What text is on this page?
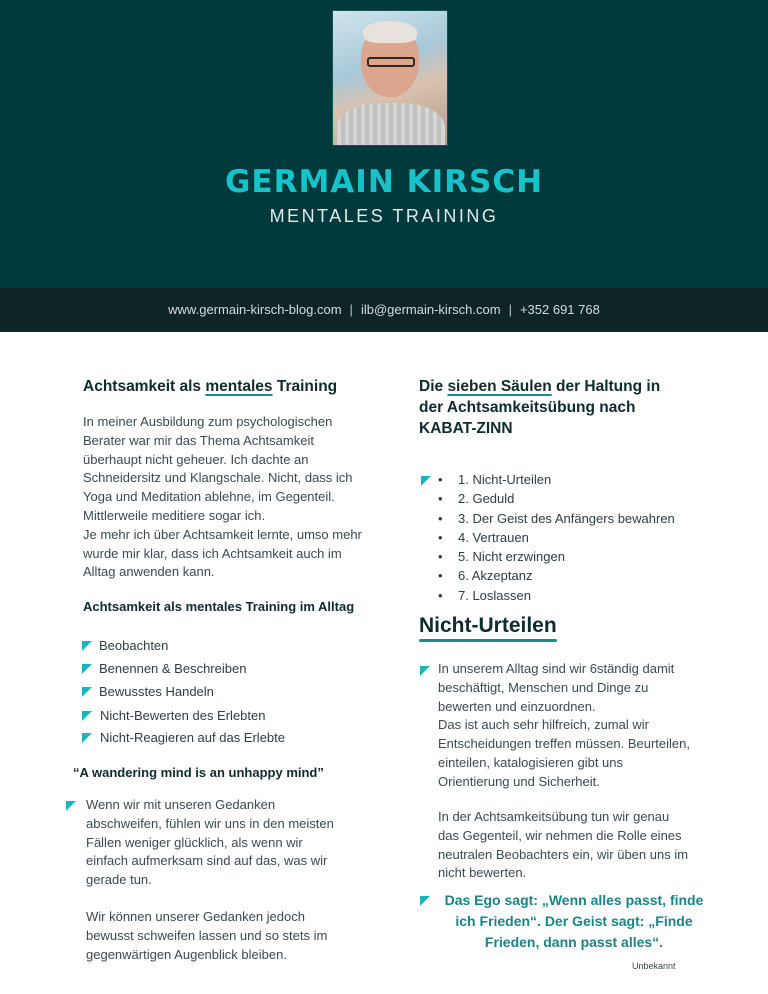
GERMAIN KIRSCH
MENTALES TRAINING
www.germain-kirsch-blog.com | ilb@germain-kirsch.com | +352 691 768
Achtsamkeit als mentales Training
In meiner Ausbildung zum psychologischen
Berater war mir das Thema Achtsamkeit
überhaupt nicht geheuer. Ich dachte an
Schneidersitz und Klangschale. Nicht, dass ich
Yoga und Meditation ablehne, im Gegenteil.
Mittlerweile meditiere sogar ich.
Je mehr ich über Achtsamkeit lernte, umso mehr
wurde mir klar, dass ich Achtsamkeit auch im
Alltag anwenden kann.
Achtsamkeit als mentales Training im Alltag
Beobachten
Benennen & Beschreiben
Bewusstes Handeln
Nicht-Bewerten des Erlebten
Nicht-Reagieren auf das Erlebte
“A wandering mind is an unhappy mind”
Wenn wir mit unseren Gedanken
abschweifen, fühlen wir uns in den meisten
Fällen weniger glücklich, als wenn wir
einfach aufmerksam sind auf das, was wir
gerade tun.
Wir können unserer Gedanken jedoch
bewusst schweifen lassen und so stets im
gegenwärtigen Augenblick bleiben.
Die sieben Säulen der Haltung in
der Achtsamkeitsübung nach
KABAT-ZINN
• 1. Nicht-Urteilen
• 2. Geduld
• 3. Der Geist des Anfängers bewahren
• 4. Vertrauen
• 5. Nicht erzwingen
• 6. Akzeptanz
• 7. Loslassen
Nicht-Urteilen
In unserem Alltag sind wir 6ständig damit
beschäftigt, Menschen und Dinge zu
bewerten und einzuordnen.
Das ist auch sehr hilfreich, zumal wir
Entscheidungen treffen müssen. Beurteilen,
einteilen, katalogisieren gibt uns
Orientierung und Sicherheit.
In der Achtsamkeitsübung tun wir genau
das Gegenteil, wir nehmen die Rolle eines
neutralen Beobachters ein, wir üben uns im
nicht bewerten.
Das Ego sagt: „Wenn alles passt, finde
ich Frieden“. Der Geist sagt: „Finde
Frieden, dann passt alles“.
Unbekannt
